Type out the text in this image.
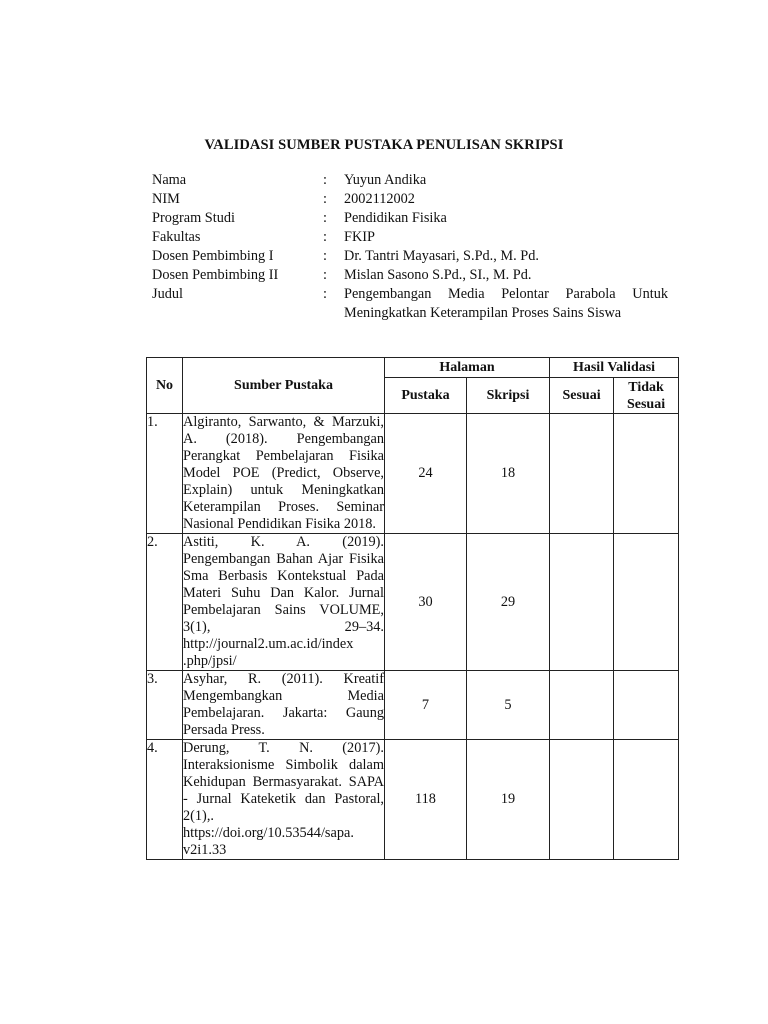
VALIDASI SUMBER PUSTAKA PENULISAN SKRIPSI
Nama	: Yuyun Andika
NIM	: 2002112002
Program Studi	: Pendidikan Fisika
Fakultas	: FKIP
Dosen Pembimbing I	: Dr. Tantri Mayasari, S.Pd., M. Pd.
Dosen Pembimbing II	: Mislan Sasono S.Pd., SI., M. Pd.
Judul	: Pengembangan Media Pelontar Parabola Untuk Meningkatkan Keterampilan Proses Sains Siswa
No	Sumber Pustaka	Halaman		Hasil Validasi	
		Pustaka	Skripsi	Sesuai	Tidak Sesuai
1.	Algiranto, Sarwanto, & Marzuki, A. (2018). Pengembangan Perangkat Pembelajaran Fisika Model POE (Predict, Observe, Explain) untuk Meningkatkan Keterampilan Proses. Seminar Nasional Pendidikan Fisika 2018.	24	18		
2.	Astiti, K. A. (2019). Pengembangan Bahan Ajar Fisika Sma Berbasis Kontekstual Pada Materi Suhu Dan Kalor. Jurnal Pembelajaran Sains VOLUME, 3(1), 29–34. http://journal2.um.ac.id/index .php/jpsi/	30	29		
3.	Asyhar, R. (2011). Kreatif Mengembangkan Media Pembelajaran. Jakarta: Gaung Persada Press.	7	5		
4.	Derung, T. N. (2017). Interaksionisme Simbolik dalam Kehidupan Bermasyarakat. SAPA - Jurnal Kateketik dan Pastoral, 2(1),. https://doi.org/10.53544/sapa. v2i1.33	118	19		
